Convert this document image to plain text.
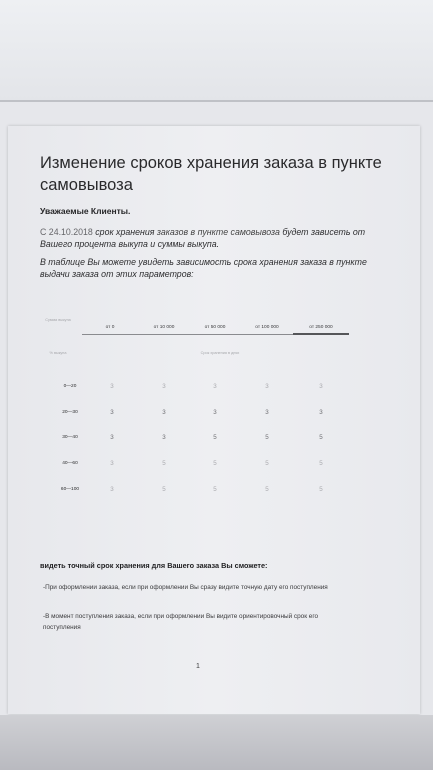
Изменение сроков хранения заказа в пункте самовывоза
Уважаемые Клиенты.
С 24.10.2018 срок хранения заказов в пункте самовывоза будет зависеть от Вашего процента выкупа и суммы выкупа.
В таблице Вы можете увидеть зависимость срока хранения заказа в пункте выдачи заказа от этих параметров:
Сумма выкупа
% выкупа	Срок хранения в днях
от 0	от 10 000	от 50 000	от 100 000	от 250 000
0—20	3	3	3	3	3
20—30	3	3	3	3	3
30—40	3	3	5	5	5
40—60	3	5	5	5	5
60—100	3	5	5	5	5
видеть точный срок хранения для Вашего заказа Вы сможете:
-При оформлении заказа, если при оформлении Вы сразу видите точную дату его поступления
-В момент поступления заказа, если при оформлении Вы видите ориентировочный срок его поступления
1
